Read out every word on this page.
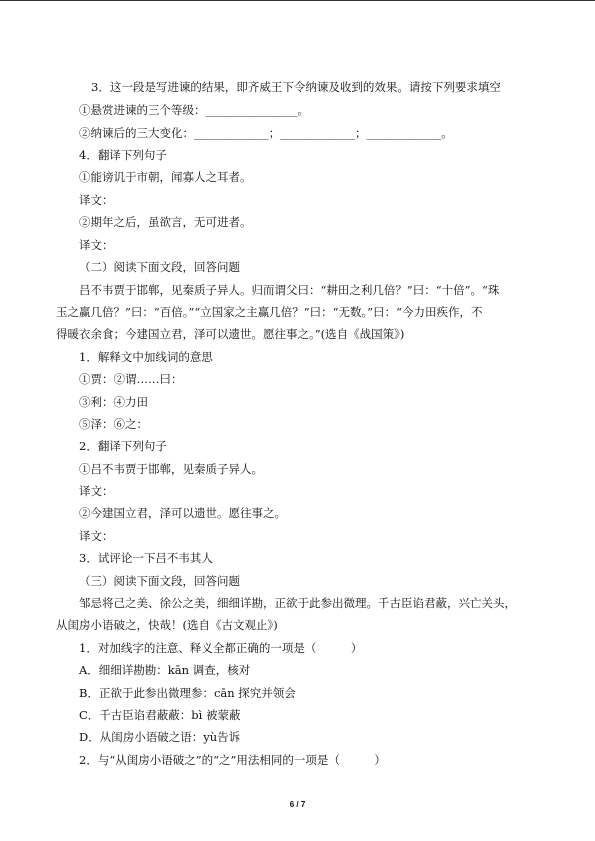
3．这一段是写进谏的结果，即齐威王下令纳谏及收到的效果。请按下列要求填空
①悬赏进谏的三个等级：________________。
②纳谏后的三大变化：_____________；_____________；_____________。
4．翻译下列句子
①能谤讥于市朝，闻寡人之耳者。
译文：
②期年之后，虽欲言，无可进者。
译文：
（二）阅读下面文段，回答问题
吕不韦贾于邯郸，见秦质子异人。归而谓父曰：“耕田之利几倍？”曰：“十倍”。“珠
玉之赢几倍？”曰：“百倍。”“立国家之主赢几倍？”曰：“无数。”曰：“今力田疾作，不
得暖衣余食；今建国立君，泽可以遗世。愿往事之。”(选自《战国策》)
1．解释文中加线词的意思
①贾：②谓……曰：
③利：④力田
⑤泽：⑥之：
2．翻译下列句子
①吕不韦贾于邯郸，见秦质子异人。
译文：
②今建国立君，泽可以遗世。愿往事之。
译文：
3．试评论一下吕不韦其人
（三）阅读下面文段，回答问题
邹忌将己之美、徐公之美，细细详勘，正欲于此参出微理。千古臣谄君蔽，兴亡关头，
从闺房小语破之，快哉！(选自《古文观止》)
1．对加线字的注意、释义全都正确的一项是（　　　）
A．细细详勘勘：kān 调查，核对
B．正欲于此参出微理参：cān 探究并领会
C．千古臣谄君蔽蔽：bì 被蒙蔽
D．从闺房小语破之语：yù告诉
2．与“从闺房小语破之”的“之”用法相同的一项是（　　　）
6 / 7
